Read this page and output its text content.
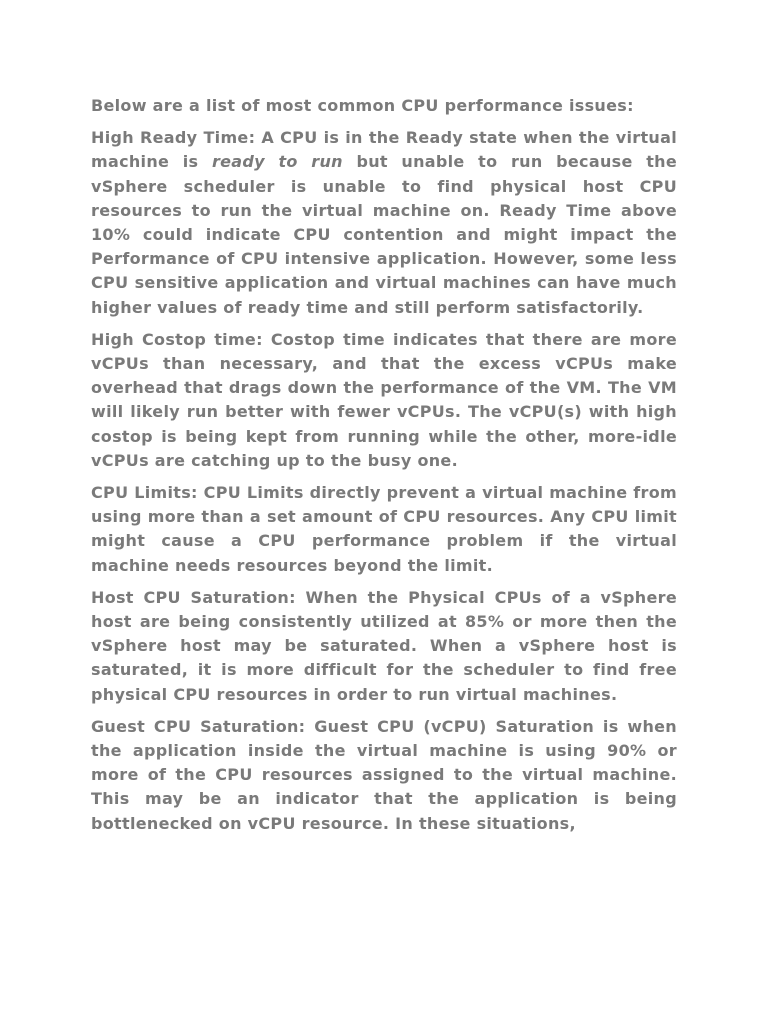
Below are a list of most common CPU performance issues:

High Ready Time: A CPU is in the Ready state when the virtual machine is ready to run but unable to run because the vSphere scheduler is unable to find physical host CPU resources to run the virtual machine on. Ready Time above 10% could indicate CPU contention and might impact the Performance of CPU intensive application. However, some less CPU sensitive application and virtual machines can have much higher values of ready time and still perform satisfactorily.

High Costop time: Costop time indicates that there are more vCPUs than necessary, and that the excess vCPUs make overhead that drags down the performance of the VM. The VM will likely run better with fewer vCPUs. The vCPU(s) with high costop is being kept from running while the other, more-idle vCPUs are catching up to the busy one.

CPU Limits: CPU Limits directly prevent a virtual machine from using more than a set amount of CPU resources. Any CPU limit might cause a CPU performance problem if the virtual machine needs resources beyond the limit.

Host CPU Saturation: When the Physical CPUs of a vSphere host are being consistently utilized at 85% or more then the vSphere host may be saturated. When a vSphere host is saturated, it is more difficult for the scheduler to find free physical CPU resources in order to run virtual machines.

Guest CPU Saturation: Guest CPU (vCPU) Saturation is when the application inside the virtual machine is using 90% or more of the CPU resources assigned to the virtual machine. This may be an indicator that the application is being bottlenecked on vCPU resource. In these situations,
